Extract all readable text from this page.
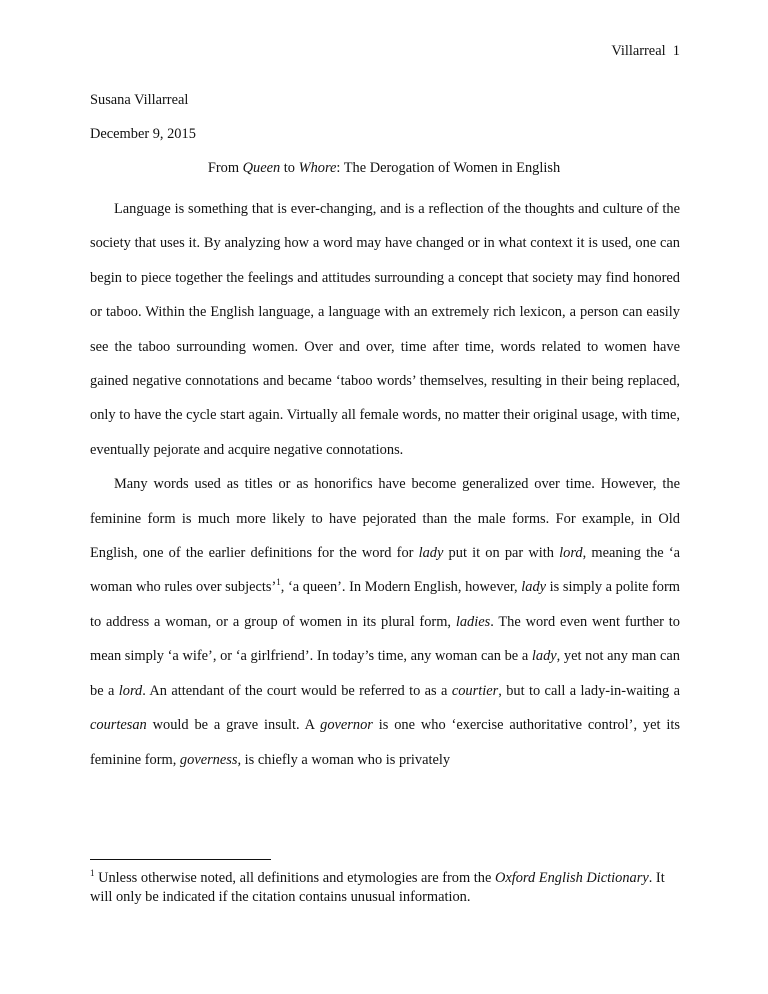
Villarreal 1
Susana Villarreal
December 9, 2015
From Queen to Whore: The Derogation of Women in English

Language is something that is ever-changing, and is a reflection of the thoughts and culture of the society that uses it. By analyzing how a word may have changed or in what context it is used, one can begin to piece together the feelings and attitudes surrounding a concept that society may find honored or taboo. Within the English language, a language with an extremely rich lexicon, a person can easily see the taboo surrounding women. Over and over, time after time, words related to women have gained negative connotations and became ‘taboo words’ themselves, resulting in their being replaced, only to have the cycle start again. Virtually all female words, no matter their original usage, with time, eventually pejorate and acquire negative connotations.

Many words used as titles or as honorifics have become generalized over time. However, the feminine form is much more likely to have pejorated than the male forms. For example, in Old English, one of the earlier definitions for the word for lady put it on par with lord, meaning the ‘a woman who rules over subjects’$^1$, ‘a queen’. In Modern English, however, lady is simply a polite form to address a woman, or a group of women in its plural form, ladies. The word even went further to mean simply ‘a wife’, or ‘a girlfriend’. In today’s time, any woman can be a lady, yet not any man can be a lord. An attendant of the court would be referred to as a courtier, but to call a lady-in-waiting a courtesan would be a grave insult. A governor is one who ‘exercise authoritative control’, yet its feminine form, governess, is chiefly a woman who is privately

$^1$ Unless otherwise noted, all definitions and etymologies are from the Oxford English Dictionary. It will only be indicated if the citation contains unusual information.
